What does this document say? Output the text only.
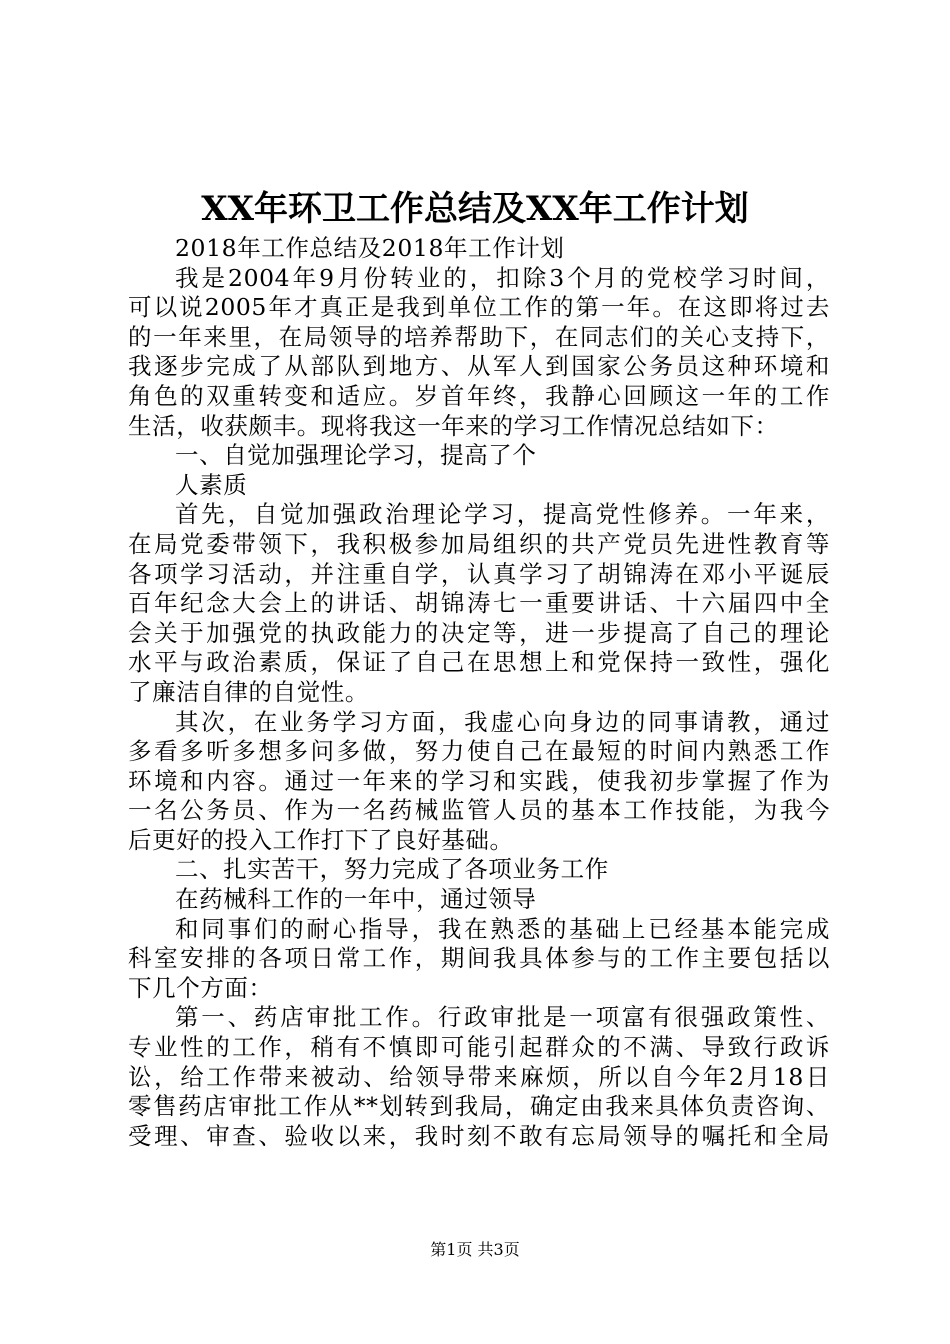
XX年环卫工作总结及XX年工作计划
2018年工作总结及2018年工作计划
我是2004年9月份转业的，扣除3个月的党校学习时间，
可以说2005年才真正是我到单位工作的第一年。在这即将过去
的一年来里，在局领导的培养帮助下，在同志们的关心支持下，
我逐步完成了从部队到地方、从军人到国家公务员这种环境和
角色的双重转变和适应。岁首年终，我静心回顾这一年的工作
生活，收获颇丰。现将我这一年来的学习工作情况总结如下：
一、自觉加强理论学习，提高了个
人素质
首先，自觉加强政治理论学习，提高党性修养。一年来，
在局党委带领下，我积极参加局组织的共产党员先进性教育等
各项学习活动，并注重自学，认真学习了胡锦涛在邓小平诞辰
百年纪念大会上的讲话、胡锦涛七一重要讲话、十六届四中全
会关于加强党的执政能力的决定等，进一步提高了自己的理论
水平与政治素质，保证了自己在思想上和党保持一致性，强化
了廉洁自律的自觉性。
其次，在业务学习方面，我虚心向身边的同事请教，通过
多看多听多想多问多做，努力使自己在最短的时间内熟悉工作
环境和内容。通过一年来的学习和实践，使我初步掌握了作为
一名公务员、作为一名药械监管人员的基本工作技能，为我今
后更好的投入工作打下了良好基础。
二、扎实苦干，努力完成了各项业务工作
在药械科工作的一年中，通过领导
和同事们的耐心指导，我在熟悉的基础上已经基本能完成
科室安排的各项日常工作，期间我具体参与的工作主要包括以
下几个方面：
第一、药店审批工作。行政审批是一项富有很强政策性、
专业性的工作，稍有不慎即可能引起群众的不满、导致行政诉
讼，给工作带来被动、给领导带来麻烦，所以自今年2月18日
零售药店审批工作从**划转到我局，确定由我来具体负责咨询、
受理、审查、验收以来，我时刻不敢有忘局领导的嘱托和全局
第1页 共3页
